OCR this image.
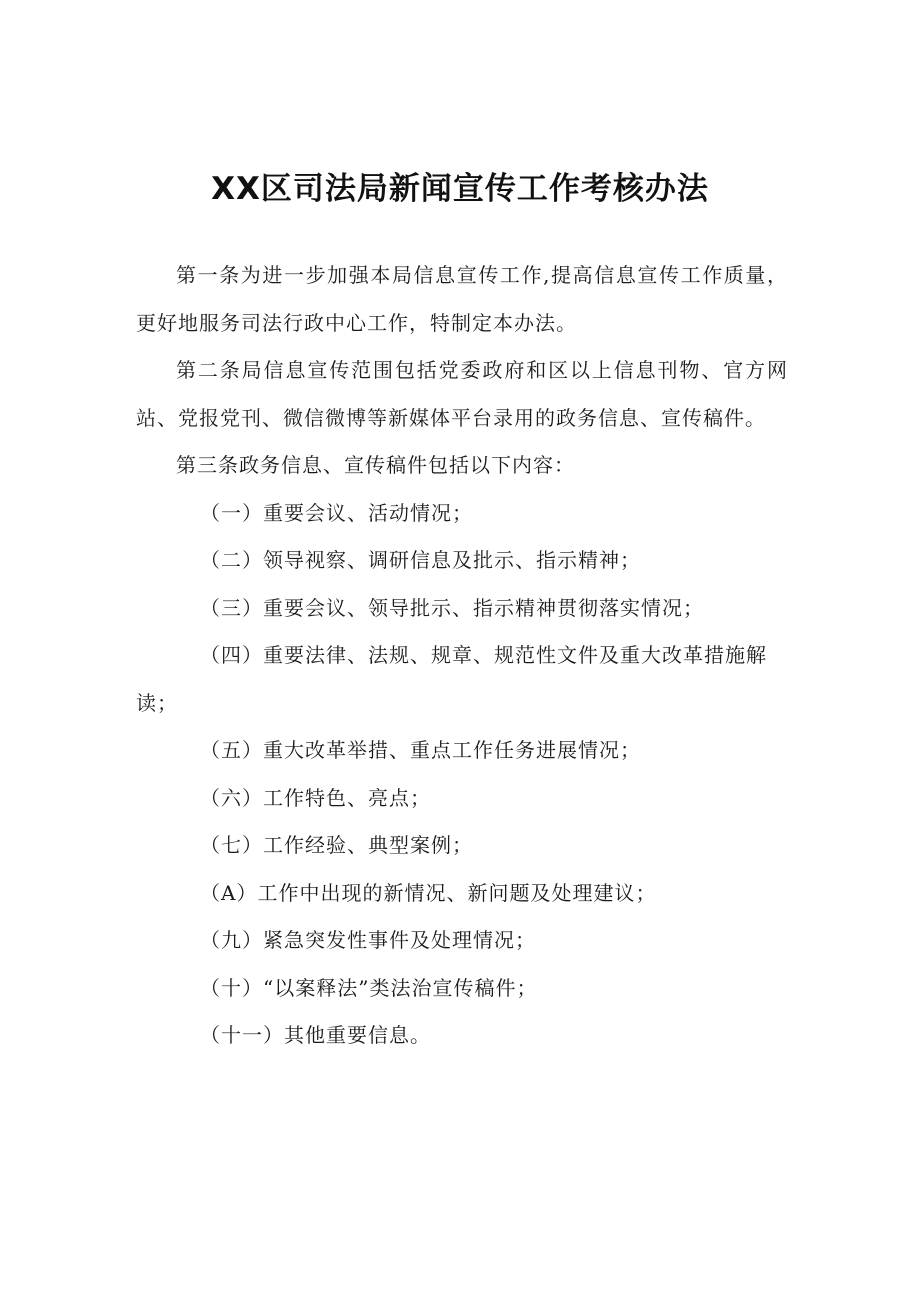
XX区司法局新闻宣传工作考核办法

第一条为进一步加强本局信息宣传工作,提高信息宣传工作质量，更好地服务司法行政中心工作，特制定本办法。

第二条局信息宣传范围包括党委政府和区以上信息刊物、官方网站、党报党刊、微信微博等新媒体平台录用的政务信息、宣传稿件。

第三条政务信息、宣传稿件包括以下内容：

（一）重要会议、活动情况；

（二）领导视察、调研信息及批示、指示精神；

（三）重要会议、领导批示、指示精神贯彻落实情况；

（四）重要法律、法规、规章、规范性文件及重大改革措施解读；

（五）重大改革举措、重点工作任务进展情况；

（六）工作特色、亮点；

（七）工作经验、典型案例；

（A）工作中出现的新情况、新问题及处理建议；

（九）紧急突发性事件及处理情况；

（十）“以案释法”类法治宣传稿件；

（十一）其他重要信息。
